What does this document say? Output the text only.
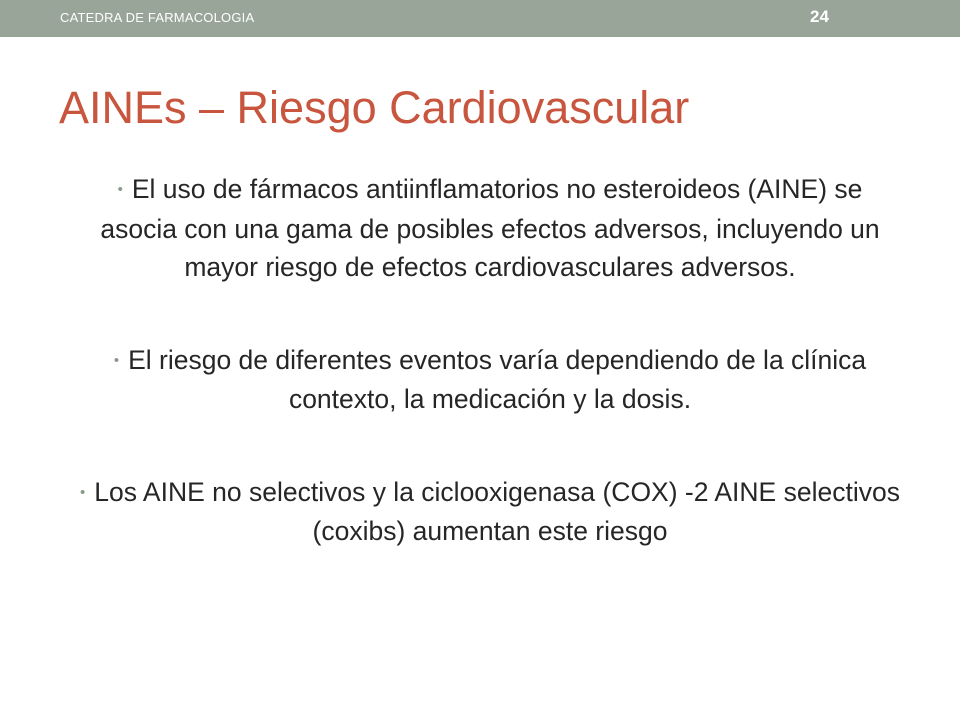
CATEDRA DE FARMACOLOGIA	24
AINEs – Riesgo Cardiovascular
• El uso de fármacos antiinflamatorios no esteroideos (AINE) se asocia con una gama de posibles efectos adversos, incluyendo un mayor riesgo de efectos cardiovasculares adversos.
• El riesgo de diferentes eventos varía dependiendo de la clínica contexto, la medicación y la dosis.
• Los AINE no selectivos y la ciclooxigenasa (COX) -2 AINE selectivos (coxibs) aumentan este riesgo
